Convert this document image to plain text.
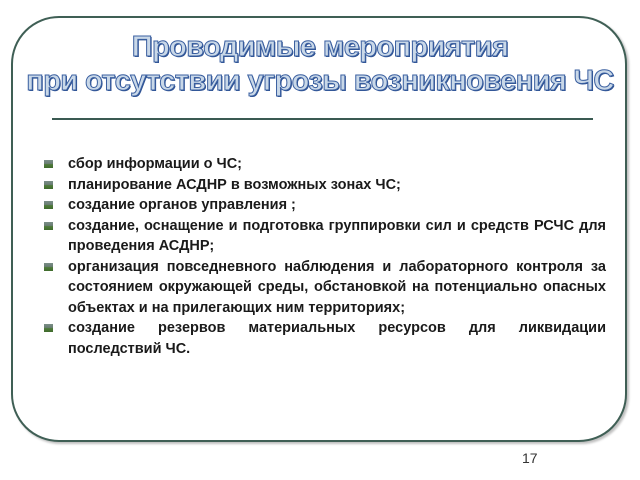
Проводимые мероприятия
при отсутствии угрозы возникновения ЧС
сбор информации о ЧС;
планирование АСДНР в возможных зонах ЧС;
создание органов управления ;
создание, оснащение и подготовка группировки сил и средств РСЧС для проведения АСДНР;
организация повседневного наблюдения и лабораторного контроля за состоянием окружающей среды, обстановкой на потенциально опасных объектах и на прилегающих ним территориях;
создание резервов материальных ресурсов для ликвидации последствий ЧС.
17
